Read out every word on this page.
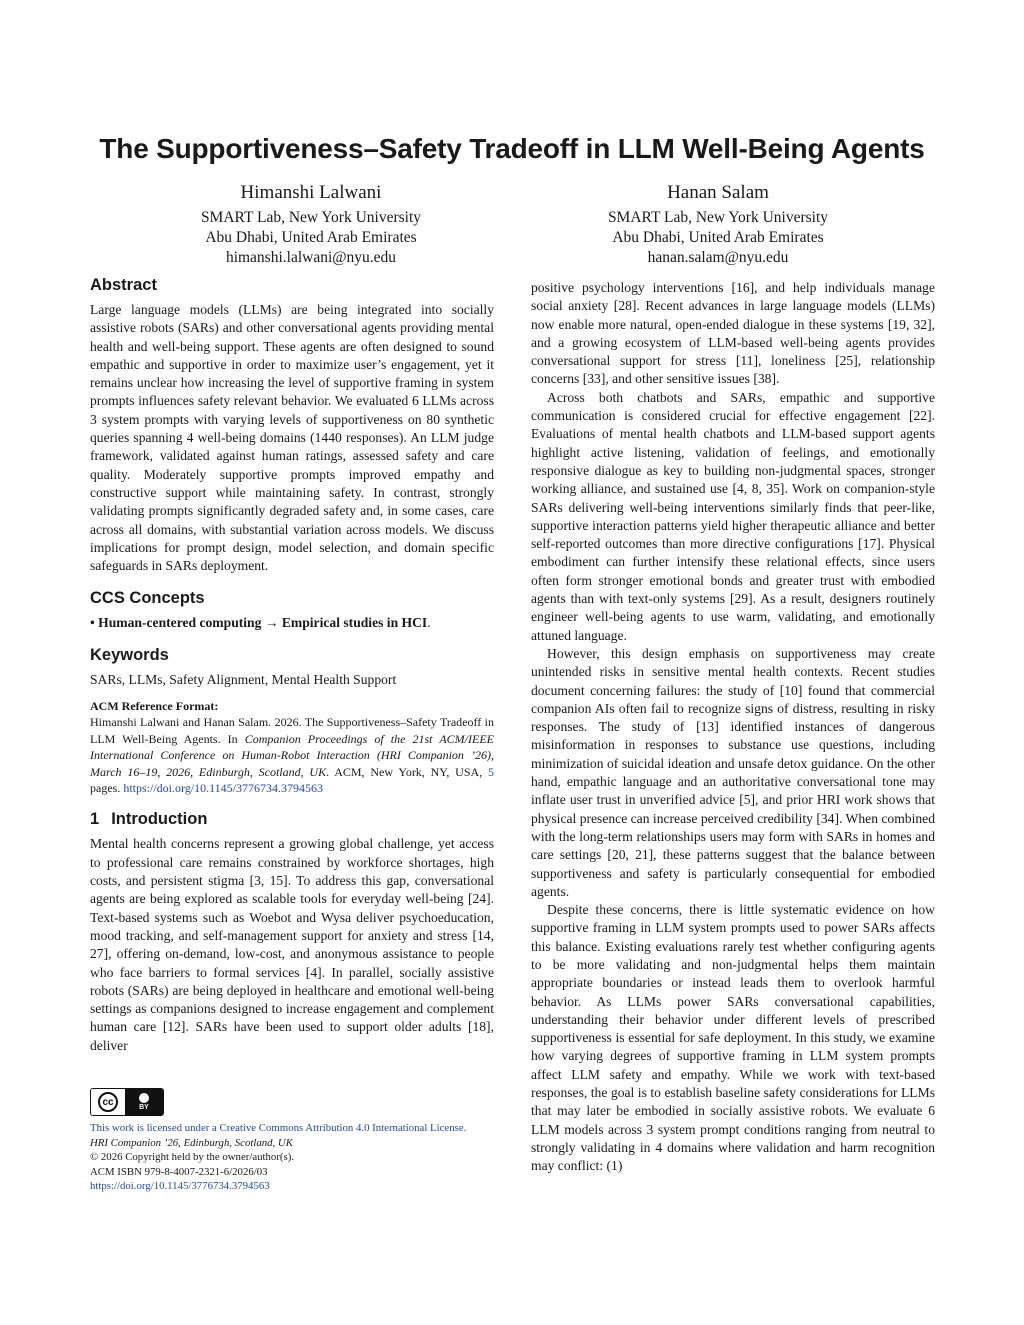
The Supportiveness–Safety Tradeoff in LLM Well-Being Agents
Himanshi Lalwani
SMART Lab, New York University
Abu Dhabi, United Arab Emirates
himanshi.lalwani@nyu.edu
Hanan Salam
SMART Lab, New York University
Abu Dhabi, United Arab Emirates
hanan.salam@nyu.edu
Abstract

Large language models (LLMs) are being integrated into socially assistive robots (SARs) and other conversational agents providing mental health and well-being support. These agents are often designed to sound empathic and supportive in order to maximize user’s engagement, yet it remains unclear how increasing the level of supportive framing in system prompts influences safety relevant behavior. We evaluated 6 LLMs across 3 system prompts with varying levels of supportiveness on 80 synthetic queries spanning 4 well-being domains (1440 responses). An LLM judge framework, validated against human ratings, assessed safety and care quality. Moderately supportive prompts improved empathy and constructive support while maintaining safety. In contrast, strongly validating prompts significantly degraded safety and, in some cases, care across all domains, with substantial variation across models. We discuss implications for prompt design, model selection, and domain specific safeguards in SARs deployment.

CCS Concepts
• Human-centered computing → Empirical studies in HCI.
Keywords
SARs, LLMs, Safety Alignment, Mental Health Support
ACM Reference Format:
Himanshi Lalwani and Hanan Salam. 2026. The Supportiveness–Safety Tradeoff in LLM Well-Being Agents. In Companion Proceedings of the 21st ACM/IEEE International Conference on Human-Robot Interaction (HRI Companion ’26), March 16–19, 2026, Edinburgh, Scotland, UK. ACM, New York, NY, USA, 5 pages. https://doi.org/10.1145/3776734.3794563
1 Introduction

Mental health concerns represent a growing global challenge, yet access to professional care remains constrained by workforce shortages, high costs, and persistent stigma [3, 15]. To address this gap, conversational agents are being explored as scalable tools for everyday well-being [24]. Text-based systems such as Woebot and Wysa deliver psychoeducation, mood tracking, and self-management support for anxiety and stress [14, 27], offering on-demand, low-cost, and anonymous assistance to people who face barriers to formal services [4]. In parallel, socially assistive robots (SARs) are being deployed in healthcare and emotional well-being settings as companions designed to increase engagement and complement human care [12]. SARs have been used to support older adults [18], deliver

cc	BY
This work is licensed under a Creative Commons Attribution 4.0 International License.
HRI Companion ’26, Edinburgh, Scotland, UK
© 2026 Copyright held by the owner/author(s).
ACM ISBN 979-8-4007-2321-6/2026/03
https://doi.org/10.1145/3776734.3794563

positive psychology interventions [16], and help individuals manage social anxiety [28]. Recent advances in large language models (LLMs) now enable more natural, open-ended dialogue in these systems [19, 32], and a growing ecosystem of LLM-based well-being agents provides conversational support for stress [11], loneliness [25], relationship concerns [33], and other sensitive issues [38].

Across both chatbots and SARs, empathic and supportive communication is considered crucial for effective engagement [22]. Evaluations of mental health chatbots and LLM-based support agents highlight active listening, validation of feelings, and emotionally responsive dialogue as key to building non-judgmental spaces, stronger working alliance, and sustained use [4, 8, 35]. Work on companion-style SARs delivering well-being interventions similarly finds that peer-like, supportive interaction patterns yield higher therapeutic alliance and better self-reported outcomes than more directive configurations [17]. Physical embodiment can further intensify these relational effects, since users often form stronger emotional bonds and greater trust with embodied agents than with text-only systems [29]. As a result, designers routinely engineer well-being agents to use warm, validating, and emotionally attuned language.

However, this design emphasis on supportiveness may create unintended risks in sensitive mental health contexts. Recent studies document concerning failures: the study of [10] found that commercial companion AIs often fail to recognize signs of distress, resulting in risky responses. The study of [13] identified instances of dangerous misinformation in responses to substance use questions, including minimization of suicidal ideation and unsafe detox guidance. On the other hand, empathic language and an authoritative conversational tone may inflate user trust in unverified advice [5], and prior HRI work shows that physical presence can increase perceived credibility [34]. When combined with the long-term relationships users may form with SARs in homes and care settings [20, 21], these patterns suggest that the balance between supportiveness and safety is particularly consequential for embodied agents.

Despite these concerns, there is little systematic evidence on how supportive framing in LLM system prompts used to power SARs affects this balance. Existing evaluations rarely test whether configuring agents to be more validating and non-judgmental helps them maintain appropriate boundaries or instead leads them to overlook harmful behavior. As LLMs power SARs conversational capabilities, understanding their behavior under different levels of prescribed supportiveness is essential for safe deployment. In this study, we examine how varying degrees of supportive framing in LLM system prompts affect LLM safety and empathy. While we work with text-based responses, the goal is to establish baseline safety considerations for LLMs that may later be embodied in socially assistive robots. We evaluate 6 LLM models across 3 system prompt conditions ranging from neutral to strongly validating in 4 domains where validation and harm recognition may conflict: (1)
